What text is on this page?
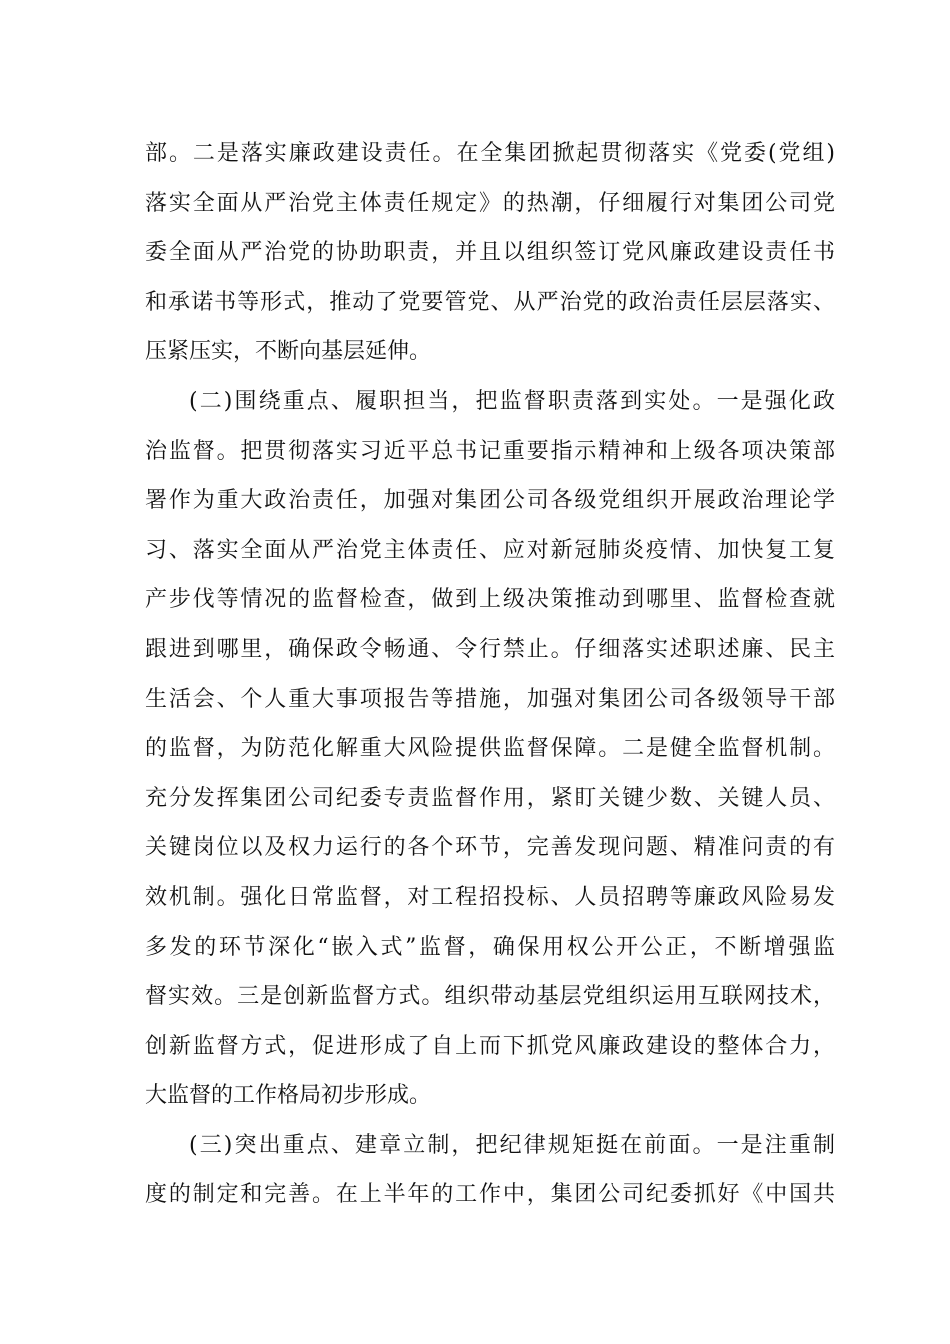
部。二是落实廉政建设责任。在全集团掀起贯彻落实《党委(党组)
落实全面从严治党主体责任规定》的热潮，仔细履行对集团公司党
委全面从严治党的协助职责，并且以组织签订党风廉政建设责任书
和承诺书等形式，推动了党要管党、从严治党的政治责任层层落实、
压紧压实，不断向基层延伸。
(二)围绕重点、履职担当，把监督职责落到实处。一是强化政
治监督。把贯彻落实习近平总书记重要指示精神和上级各项决策部
署作为重大政治责任，加强对集团公司各级党组织开展政治理论学
习、落实全面从严治党主体责任、应对新冠肺炎疫情、加快复工复
产步伐等情况的监督检查，做到上级决策推动到哪里、监督检查就
跟进到哪里，确保政令畅通、令行禁止。仔细落实述职述廉、民主
生活会、个人重大事项报告等措施，加强对集团公司各级领导干部
的监督，为防范化解重大风险提供监督保障。二是健全监督机制。
充分发挥集团公司纪委专责监督作用，紧盯关键少数、关键人员、
关键岗位以及权力运行的各个环节，完善发现问题、精准问责的有
效机制。强化日常监督，对工程招投标、人员招聘等廉政风险易发
多发的环节深化“嵌入式”监督，确保用权公开公正，不断增强监
督实效。三是创新监督方式。组织带动基层党组织运用互联网技术，
创新监督方式，促进形成了自上而下抓党风廉政建设的整体合力，
大监督的工作格局初步形成。
(三)突出重点、建章立制，把纪律规矩挺在前面。一是注重制
度的制定和完善。在上半年的工作中，集团公司纪委抓好《中国共
